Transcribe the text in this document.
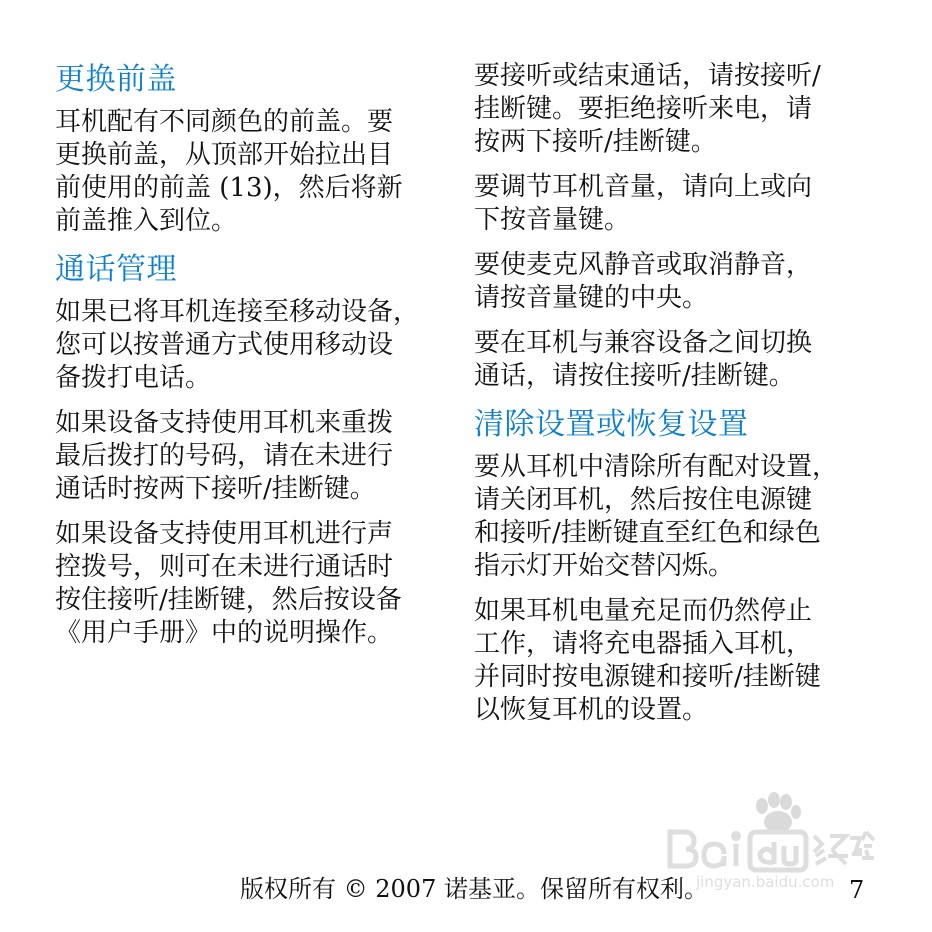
更换前盖

耳机配有不同颜色的前盖。要
更换前盖，从顶部开始拉出目
前使用的前盖 (13)，然后将新
前盖推入到位。

通话管理

如果已将耳机连接至移动设备，
您可以按普通方式使用移动设
备拨打电话。

如果设备支持使用耳机来重拨
最后拨打的号码，请在未进行
通话时按两下接听/挂断键。

如果设备支持使用耳机进行声
控拨号，则可在未进行通话时
按住接听/挂断键，然后按设备
《用户手册》中的说明操作。

要接听或结束通话，请按接听/
挂断键。要拒绝接听来电，请
按两下接听/挂断键。

要调节耳机音量，请向上或向
下按音量键。

要使麦克风静音或取消静音，
请按音量键的中央。

要在耳机与兼容设备之间切换
通话，请按住接听/挂断键。

清除设置或恢复设置

要从耳机中清除所有配对设置，
请关闭耳机，然后按住电源键
和接听/挂断键直至红色和绿色
指示灯开始交替闪烁。

如果耳机电量充足而仍然停止
工作，请将充电器插入耳机，
并同时按电源键和接听/挂断键
以恢复耳机的设置。

jingyan.baidu.com
版权所有 © 2007 诺基亚。保留所有权利。	7
